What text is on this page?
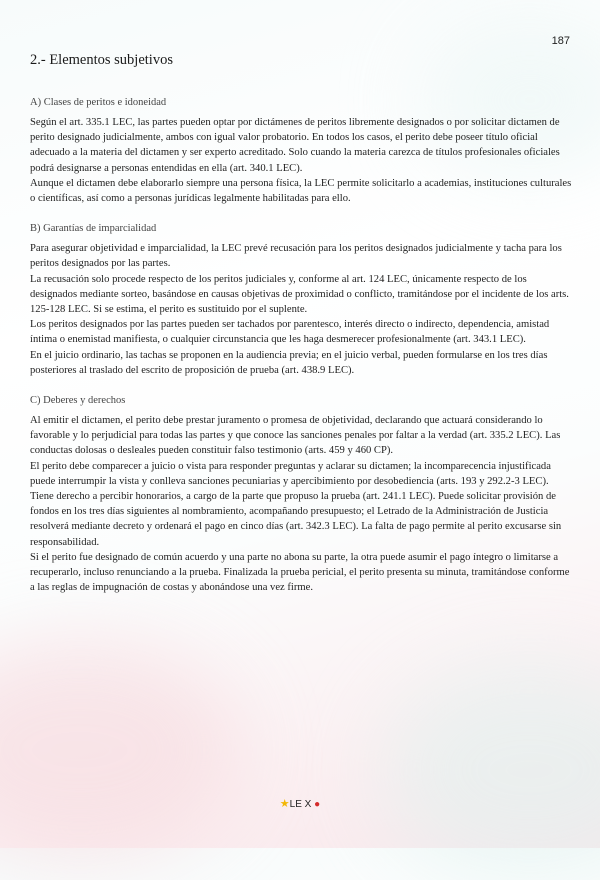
187
2.- Elementos subjetivos
A) Clases de peritos e idoneidad

Según el art. 335.1 LEC, las partes pueden optar por dictámenes de peritos libremente designados o por solicitar dictamen de perito designado judicialmente, ambos con igual valor probatorio. En todos los casos, el perito debe poseer título oficial adecuado a la materia del dictamen y ser experto acreditado. Solo cuando la materia carezca de títulos profesionales oficiales podrá designarse a personas entendidas en ella (art. 340.1 LEC).

Aunque el dictamen debe elaborarlo siempre una persona física, la LEC permite solicitarlo a academias, instituciones culturales o científicas, así como a personas jurídicas legalmente habilitadas para ello.

B) Garantías de imparcialidad

Para asegurar objetividad e imparcialidad, la LEC prevé recusación para los peritos designados judicialmente y tacha para los peritos designados por las partes.

La recusación solo procede respecto de los peritos judiciales y, conforme al art. 124 LEC, únicamente respecto de los designados mediante sorteo, basándose en causas objetivas de proximidad o conflicto, tramitándose por el incidente de los arts. 125-128 LEC. Si se estima, el perito es sustituido por el suplente.

Los peritos designados por las partes pueden ser tachados por parentesco, interés directo o indirecto, dependencia, amistad íntima o enemistad manifiesta, o cualquier circunstancia que les haga desmerecer profesionalmente (art. 343.1 LEC).

En el juicio ordinario, las tachas se proponen en la audiencia previa; en el juicio verbal, pueden formularse en los tres días posteriores al traslado del escrito de proposición de prueba (art. 438.9 LEC).

C) Deberes y derechos

Al emitir el dictamen, el perito debe prestar juramento o promesa de objetividad, declarando que actuará considerando lo favorable y lo perjudicial para todas las partes y que conoce las sanciones penales por faltar a la verdad (art. 335.2 LEC). Las conductas dolosas o desleales pueden constituir falso testimonio (arts. 459 y 460 CP).

El perito debe comparecer a juicio o vista para responder preguntas y aclarar su dictamen; la incomparecencia injustificada puede interrumpir la vista y conlleva sanciones pecuniarias y apercibimiento por desobediencia (arts. 193 y 292.2-3 LEC).

Tiene derecho a percibir honorarios, a cargo de la parte que propuso la prueba (art. 241.1 LEC). Puede solicitar provisión de fondos en los tres días siguientes al nombramiento, acompañando presupuesto; el Letrado de la Administración de Justicia resolverá mediante decreto y ordenará el pago en cinco días (art. 342.3 LEC). La falta de pago permite al perito excusarse sin responsabilidad.

Si el perito fue designado de común acuerdo y una parte no abona su parte, la otra puede asumir el pago íntegro o limitarse a recuperarlo, incluso renunciando a la prueba. Finalizada la prueba pericial, el perito presenta su minuta, tramitándose conforme a las reglas de impugnación de costas y abonándose una vez firme.

★LE X ●
